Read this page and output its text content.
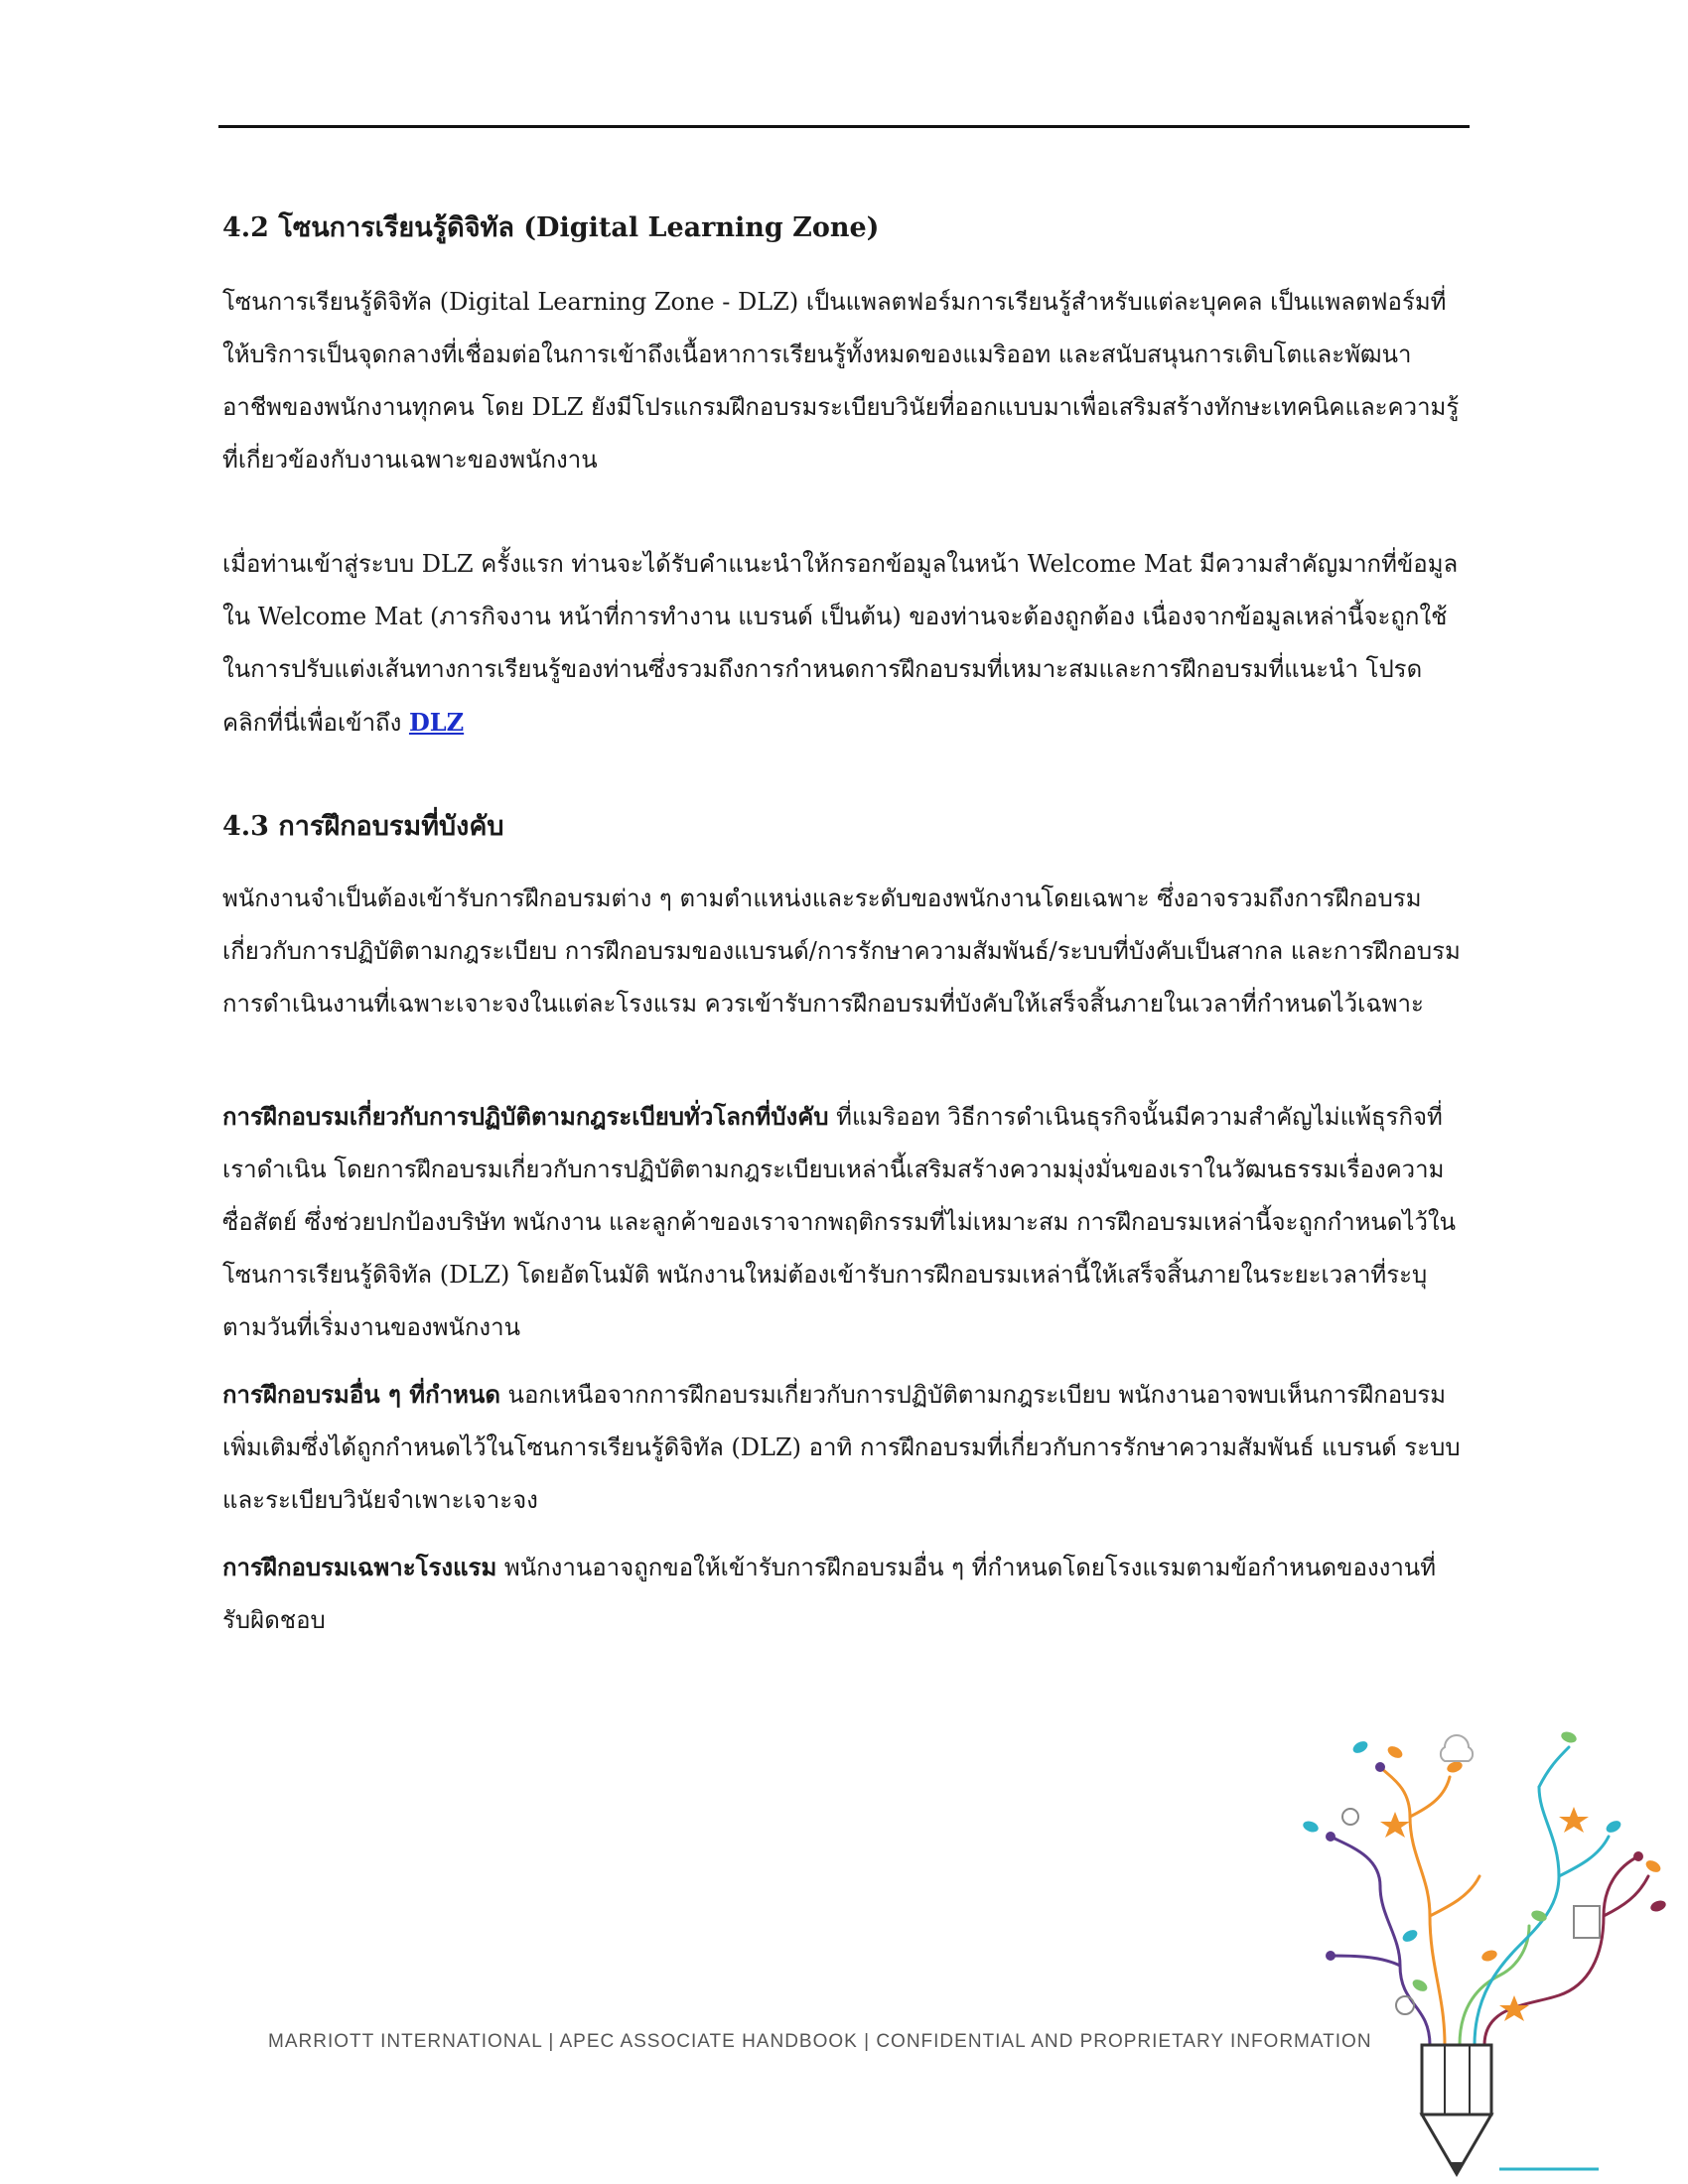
4.2 โซนการเรียนรู้ดิจิทัล (Digital Learning Zone)

โซนการเรียนรู้ดิจิทัล (Digital Learning Zone - DLZ) เป็นแพลตฟอร์มการเรียนรู้สำหรับแต่ละบุคคล เป็นแพลตฟอร์มที่ให้บริการเป็นจุดกลางที่เชื่อมต่อในการเข้าถึงเนื้อหาการเรียนรู้ทั้งหมดของแมริออท และสนับสนุนการเติบโตและพัฒนาอาชีพของพนักงานทุกคน โดย DLZ ยังมีโปรแกรมฝึกอบรมระเบียบวินัยที่ออกแบบมาเพื่อเสริมสร้างทักษะเทคนิคและความรู้ที่เกี่ยวข้องกับงานเฉพาะของพนักงาน

เมื่อท่านเข้าสู่ระบบ DLZ ครั้งแรก ท่านจะได้รับคำแนะนำให้กรอกข้อมูลในหน้า Welcome Mat มีความสำคัญมากที่ข้อมูลใน Welcome Mat (ภารกิจงาน หน้าที่การทำงาน แบรนด์ เป็นต้น) ของท่านจะต้องถูกต้อง เนื่องจากข้อมูลเหล่านี้จะถูกใช้ในการปรับแต่งเส้นทางการเรียนรู้ของท่านซึ่งรวมถึงการกำหนดการฝึกอบรมที่เหมาะสมและการฝึกอบรมที่แนะนำ โปรดคลิกที่นี่เพื่อเข้าถึง DLZ

4.3 การฝึกอบรมที่บังคับ

พนักงานจำเป็นต้องเข้ารับการฝึกอบรมต่าง ๆ ตามตำแหน่งและระดับของพนักงานโดยเฉพาะ ซึ่งอาจรวมถึงการฝึกอบรมเกี่ยวกับการปฏิบัติตามกฎระเบียบ การฝึกอบรมของแบรนด์/การรักษาความสัมพันธ์/ระบบที่บังคับเป็นสากล และการฝึกอบรมการดำเนินงานที่เฉพาะเจาะจงในแต่ละโรงแรม ควรเข้ารับการฝึกอบรมที่บังคับให้เสร็จสิ้นภายในเวลาที่กำหนดไว้เฉพาะ

การฝึกอบรมเกี่ยวกับการปฏิบัติตามกฎระเบียบทั่วโลกที่บังคับ ที่แมริออท วิธีการดำเนินธุรกิจนั้นมีความสำคัญไม่แพ้ธุรกิจที่เราดำเนิน โดยการฝึกอบรมเกี่ยวกับการปฏิบัติตามกฎระเบียบเหล่านี้เสริมสร้างความมุ่งมั่นของเราในวัฒนธรรมเรื่องความซื่อสัตย์ ซึ่งช่วยปกป้องบริษัท พนักงาน และลูกค้าของเราจากพฤติกรรมที่ไม่เหมาะสม การฝึกอบรมเหล่านี้จะถูกกำหนดไว้ในโซนการเรียนรู้ดิจิทัล (DLZ) โดยอัตโนมัติ พนักงานใหม่ต้องเข้ารับการฝึกอบรมเหล่านี้ให้เสร็จสิ้นภายในระยะเวลาที่ระบุตามวันที่เริ่มงานของพนักงาน

การฝึกอบรมอื่น ๆ ที่กำหนด นอกเหนือจากการฝึกอบรมเกี่ยวกับการปฏิบัติตามกฎระเบียบ พนักงานอาจพบเห็นการฝึกอบรมเพิ่มเติมซึ่งได้ถูกกำหนดไว้ในโซนการเรียนรู้ดิจิทัล (DLZ) อาทิ การฝึกอบรมที่เกี่ยวกับการรักษาความสัมพันธ์ แบรนด์ ระบบ และระเบียบวินัยจำเพาะเจาะจง

การฝึกอบรมเฉพาะโรงแรม พนักงานอาจถูกขอให้เข้ารับการฝึกอบรมอื่น ๆ ที่กำหนดโดยโรงแรมตามข้อกำหนดของงานที่รับผิดชอบ

MARRIOTT INTERNATIONAL | APEC ASSOCIATE HANDBOOK | CONFIDENTIAL AND PROPRIETARY INFORMATION
